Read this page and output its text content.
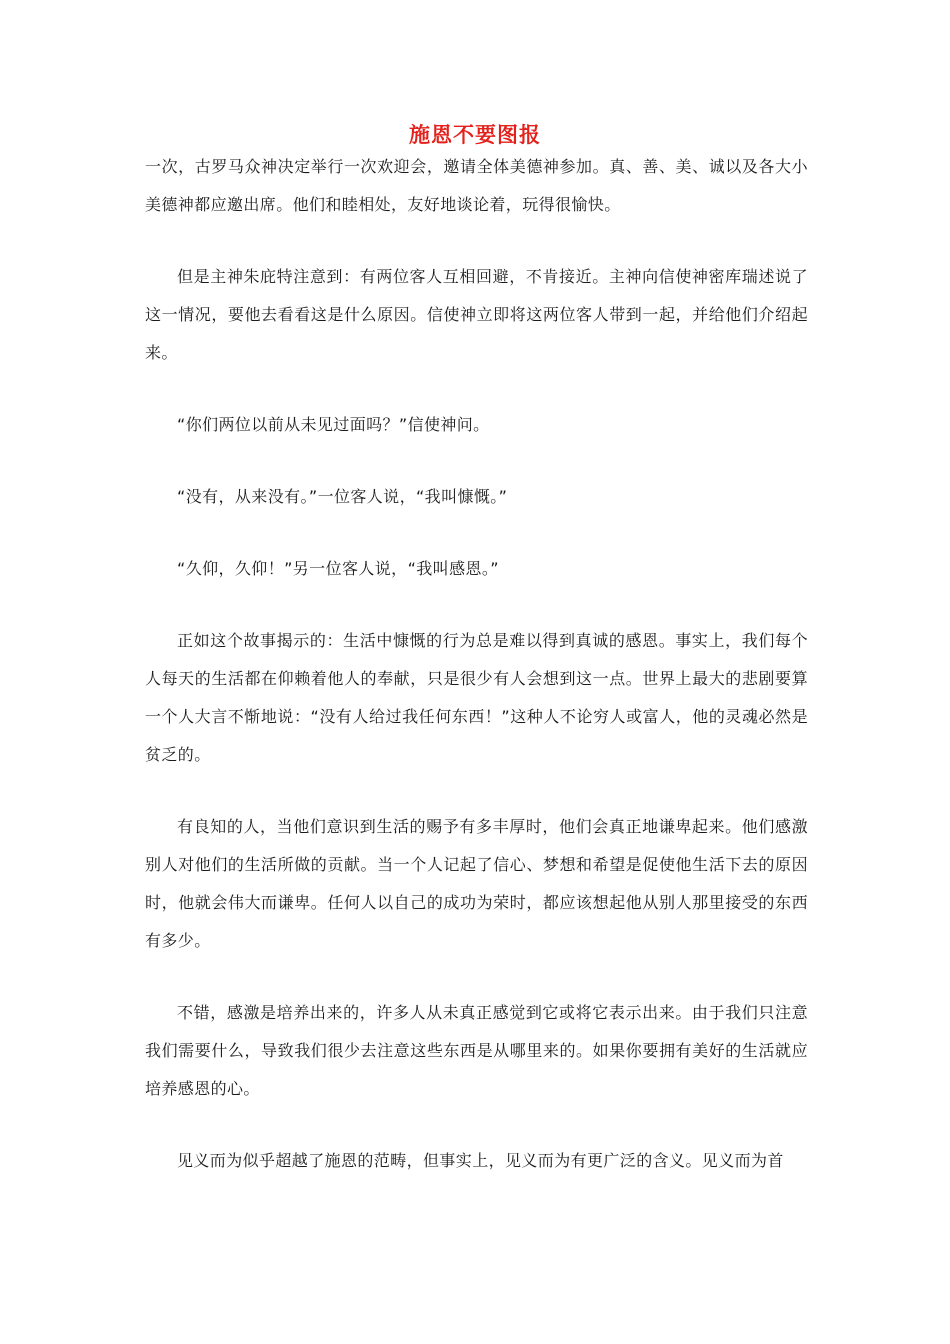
施恩不要图报

一次，古罗马众神决定举行一次欢迎会，邀请全体美德神参加。真、善、美、诚以及各大小美德神都应邀出席。他们和睦相处，友好地谈论着，玩得很愉快。

但是主神朱庇特注意到：有两位客人互相回避，不肯接近。主神向信使神密库瑞述说了这一情况，要他去看看这是什么原因。信使神立即将这两位客人带到一起，并给他们介绍起来。

“你们两位以前从未见过面吗？”信使神问。

“没有，从来没有。”一位客人说，“我叫慷慨。”

“久仰，久仰！”另一位客人说，“我叫感恩。”

正如这个故事揭示的：生活中慷慨的行为总是难以得到真诚的感恩。事实上，我们每个人每天的生活都在仰赖着他人的奉献，只是很少有人会想到这一点。世界上最大的悲剧要算一个人大言不惭地说：“没有人给过我任何东西！”这种人不论穷人或富人，他的灵魂必然是贫乏的。

有良知的人，当他们意识到生活的赐予有多丰厚时，他们会真正地谦卑起来。他们感激别人对他们的生活所做的贡献。当一个人记起了信心、梦想和希望是促使他生活下去的原因时，他就会伟大而谦卑。任何人以自己的成功为荣时，都应该想起他从别人那里接受的东西有多少。

不错，感激是培养出来的，许多人从未真正感觉到它或将它表示出来。由于我们只注意我们需要什么，导致我们很少去注意这些东西是从哪里来的。如果你要拥有美好的生活就应培养感恩的心。

见义而为似乎超越了施恩的范畴，但事实上，见义而为有更广泛的含义。见义而为首
